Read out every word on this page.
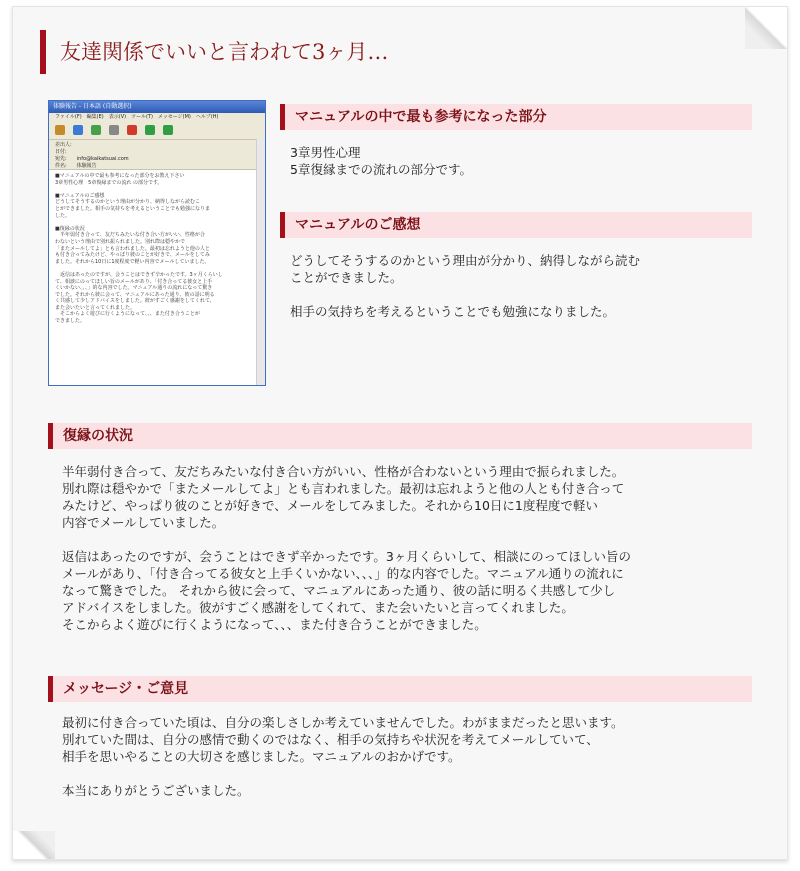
友達関係でいいと言われて3ヶ月…
体験報告 - 日本語 (自動選択)
ファイル(F)　編集(E)　表示(V)　ツール(T)　メッセージ(M)　ヘルプ(H)
差出人:
日付:
宛先:　　info@kaikatsuai.com
件名:　　体験報告
■マニュアルの中で最も参考になった部分をお教え下さい
3章男性心理　5章復縁までの流れ の部分です。

■マニュアルのご感想
どうしてそうするのかという理由が分かり、納得しながら読むこ
とができました。相手の気持ちを考えるということでも勉強になりま
した。

■復縁の状況
　半年弱付き合って、友だちみたいな付き合い方がいい、性格が合
わないという理由で別れ振られました。別れ際は穏やかで
「またメールしてよ」とも言われました。最初は忘れようと他の人と
も付き合ってみたけど、やっぱり彼のことが好きで、メールをしてみ
ました。それから10日に1度程度で軽い内容でメールしていました。

　返信はあったのですが、会うことはできず辛かったです。3ヶ月くらいし
て、相談にのってほしい旨のメールがあり、「付き合ってる彼女と上手
くいかない、、、」的な内容でした。マニュアル通りの流れになって驚き
でした。それから彼に会って、マニュアルにあった通り、彼の話に明る
く共感して少しアドバイスをしました。彼がすごく感謝をしてくれて、
また会いたいと言ってくれました。
　そこからよく遊びに行くようになって、、、また付き合うことが
できました。
マニュアルの中で最も参考になった部分
3章男性心理
5章復縁までの流れの部分です。
マニュアルのご感想
どうしてそうするのかという理由が分かり、納得しながら読む
ことができました。

相手の気持ちを考えるということでも勉強になりました。
復縁の状況
半年弱付き合って、友だちみたいな付き合い方がいい、性格が合わないという理由で振られました。
別れ際は穏やかで「またメールしてよ」とも言われました。最初は忘れようと他の人とも付き合って
みたけど、やっぱり彼のことが好きで、メールをしてみました。それから10日に1度程度で軽い
内容でメールしていました。

返信はあったのですが、会うことはできず辛かったです。3ヶ月くらいして、相談にのってほしい旨の
メールがあり、「付き合ってる彼女と上手くいかない、、、」的な内容でした。マニュアル通りの流れに
なって驚きでした。 それから彼に会って、マニュアルにあった通り、彼の話に明るく共感して少し
アドバイスをしました。彼がすごく感謝をしてくれて、また会いたいと言ってくれました。
そこからよく遊びに行くようになって、、、また付き合うことができました。
メッセージ・ご意見
最初に付き合っていた頃は、自分の楽しさしか考えていませんでした。わがままだったと思います。
別れていた間は、自分の感情で動くのではなく、相手の気持ちや状況を考えてメールしていて、
相手を思いやることの大切さを感じました。マニュアルのおかげです。

本当にありがとうございました。
